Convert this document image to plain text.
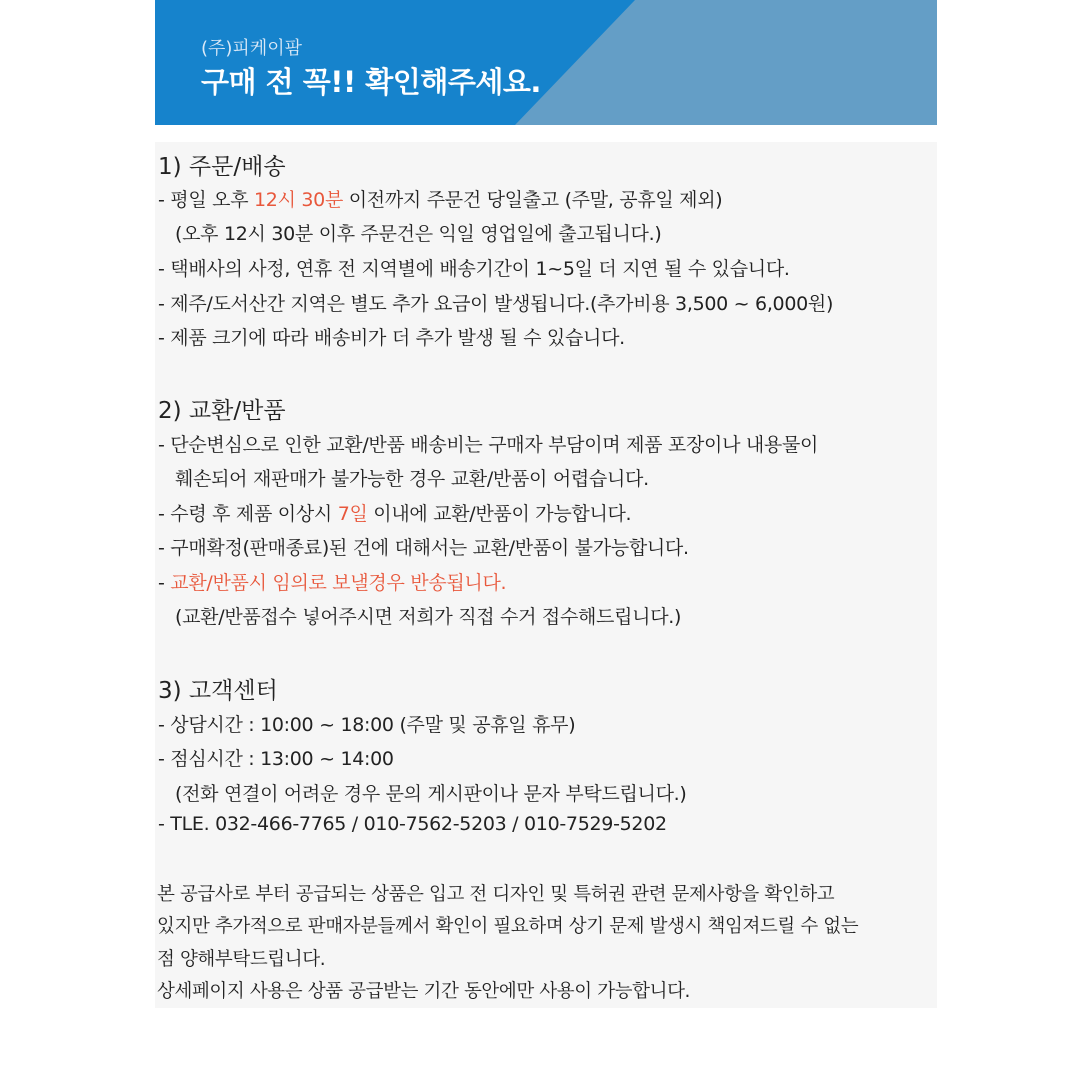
(주)피케이팜
구매 전 꼭!! 확인해주세요.
1) 주문/배송
- 평일 오후 12시 30분 이전까지 주문건 당일출고 (주말, 공휴일 제외)
(오후 12시 30분 이후 주문건은 익일 영업일에 출고됩니다.)
- 택배사의 사정, 연휴 전 지역별에 배송기간이 1~5일 더 지연 될 수 있습니다.
- 제주/도서산간 지역은 별도 추가 요금이 발생됩니다.(추가비용 3,500 ~ 6,000원)
- 제품 크기에 따라 배송비가 더 추가 발생 될 수 있습니다.
2) 교환/반품
- 단순변심으로 인한 교환/반품 배송비는 구매자 부담이며 제품 포장이나 내용물이
훼손되어 재판매가 불가능한 경우 교환/반품이 어렵습니다.
- 수령 후 제품 이상시 7일 이내에 교환/반품이 가능합니다.
- 구매확정(판매종료)된 건에 대해서는 교환/반품이 불가능합니다.
- 교환/반품시 임의로 보낼경우 반송됩니다.
(교환/반품접수 넣어주시면 저희가 직접 수거 접수해드립니다.)
3) 고객센터
- 상담시간 : 10:00 ~ 18:00 (주말 및 공휴일 휴무)
- 점심시간 : 13:00 ~ 14:00
(전화 연결이 어려운 경우 문의 게시판이나 문자 부탁드립니다.)
- TLE. 032-466-7765 / 010-7562-5203 / 010-7529-5202
본 공급사로 부터 공급되는 상품은 입고 전 디자인 및 특허권 관련 문제사항을 확인하고
있지만 추가적으로 판매자분들께서 확인이 필요하며 상기 문제 발생시 책임져드릴 수 없는
점 양해부탁드립니다.
상세페이지 사용은 상품 공급받는 기간 동안에만 사용이 가능합니다.
